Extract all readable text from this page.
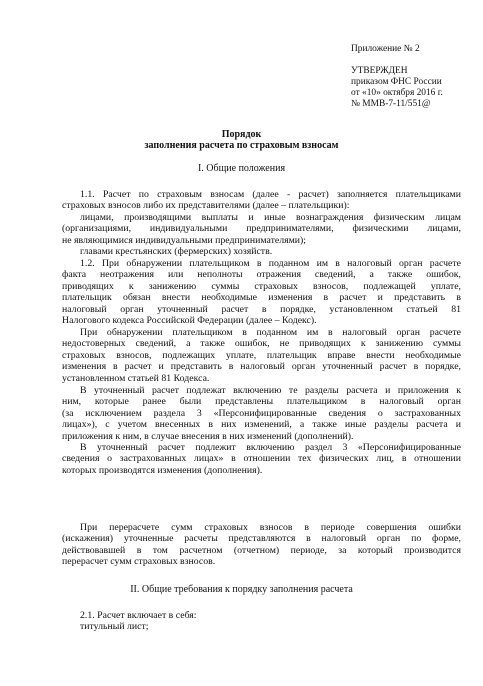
Приложение № 2
УТВЕРЖДЕН
приказом ФНС России
от «10» октября 2016 г.
№ ММВ-7-11/551@
Порядок
заполнения расчета по страховым взносам
I. Общие положения
1.1. Расчет по страховым взносам (далее - расчет) заполняется плательщиками
страховых взносов либо их представителями (далее – плательщики):
лицами, производящими выплаты и иные вознаграждения физическим лицам
(организациями, индивидуальными предпринимателями, физическими лицами,
не являющимися индивидуальными предпринимателями);
главами крестьянских (фермерских) хозяйств.
1.2. При обнаружении плательщиком в поданном им в налоговый орган расчете
факта неотражения или неполноты отражения сведений, а также ошибок,
приводящих к занижению суммы страховых взносов, подлежащей уплате,
плательщик обязан внести необходимые изменения в расчет и представить в
налоговый орган уточненный расчет в порядке, установленном статьей 81
Налогового кодекса Российской Федерации (далее – Кодекс).
При обнаружении плательщиком в поданном им в налоговый орган расчете
недостоверных сведений, а также ошибок, не приводящих к занижению суммы
страховых взносов, подлежащих уплате, плательщик вправе внести необходимые
изменения в расчет и представить в налоговый орган уточненный расчет в порядке,
установленном статьей 81 Кодекса.
В уточненный расчет подлежат включению те разделы расчета и приложения к
ним, которые ранее были представлены плательщиком в налоговый орган
(за исключением раздела 3 «Персонифицированные сведения о застрахованных
лицах»), с учетом внесенных в них изменений, а также иные разделы расчета и
приложения к ним, в случае внесения в них изменений (дополнений).
В уточненный расчет подлежит включению раздел 3 «Персонифицированные
сведения о застрахованных лицах» в отношении тех физических лиц, в отношении
которых производятся изменения (дополнения).
При перерасчете сумм страховых взносов в периоде совершения ошибки
(искажения) уточненные расчеты представляются в налоговый орган по форме,
действовавшей в том расчетном (отчетном) периоде, за который производится
перерасчет сумм страховых взносов.
II. Общие требования к порядку заполнения расчета
2.1. Расчет включает в себя:
титульный лист;
